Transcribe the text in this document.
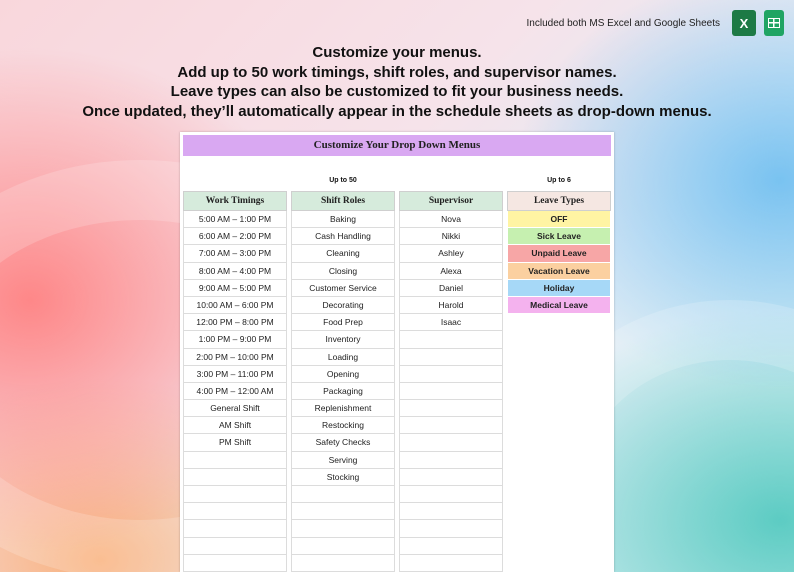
Included both MS Excel and Google Sheets	X
Customize your menus.
Add up to 50 work timings, shift roles, and supervisor names.
Leave types can also be customized to fit your business needs.
Once updated, they’ll automatically appear in the schedule sheets as drop-down menus.
Customize Your Drop Down Menus
Up to 50	Up to 6
Work Timings
5:00 AM – 1:00 PM
6:00 AM – 2:00 PM
7:00 AM – 3:00 PM
8:00 AM – 4:00 PM
9:00 AM – 5:00 PM
10:00 AM – 6:00 PM
12:00 PM – 8:00 PM
1:00 PM – 9:00 PM
2:00 PM – 10:00 PM
3:00 PM – 11:00 PM
4:00 PM – 12:00 AM
General Shift
AM Shift
PM Shift
Shift Roles
Baking
Cash Handling
Cleaning
Closing
Customer Service
Decorating
Food Prep
Inventory
Loading
Opening
Packaging
Replenishment
Restocking
Safety Checks
Serving
Stocking
Supervisor
Nova
Nikki
Ashley
Alexa
Daniel
Harold
Isaac
Leave Types
OFF
Sick Leave
Unpaid Leave
Vacation Leave
Holiday
Medical Leave
